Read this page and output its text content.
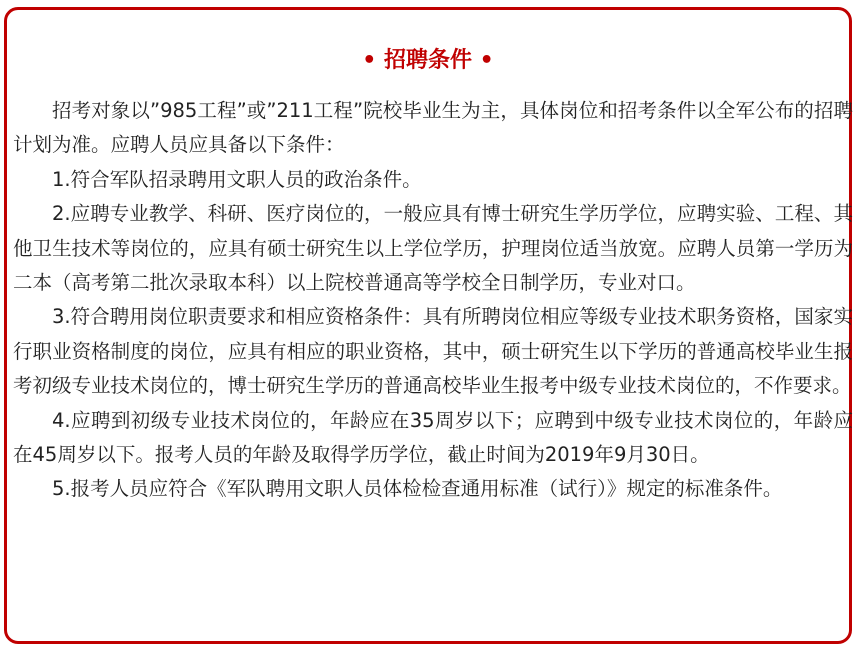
• 招聘条件 •

招考对象以”985工程”或”211工程”院校毕业生为主，具体岗位和招考条件以全军公布的招聘计划为准。应聘人员应具备以下条件：

1.符合军队招录聘用文职人员的政治条件。

2.应聘专业教学、科研、医疗岗位的，一般应具有博士研究生学历学位，应聘实验、工程、其他卫生技术等岗位的，应具有硕士研究生以上学位学历，护理岗位适当放宽。应聘人员第一学历为二本（高考第二批次录取本科）以上院校普通高等学校全日制学历，专业对口。

3.符合聘用岗位职责要求和相应资格条件：具有所聘岗位相应等级专业技术职务资格，国家实行职业资格制度的岗位，应具有相应的职业资格，其中，硕士研究生以下学历的普通高校毕业生报考初级专业技术岗位的，博士研究生学历的普通高校毕业生报考中级专业技术岗位的，不作要求。

4.应聘到初级专业技术岗位的，年龄应在35周岁以下；应聘到中级专业技术岗位的，年龄应在45周岁以下。报考人员的年龄及取得学历学位，截止时间为2019年9月30日。

5.报考人员应符合《军队聘用文职人员体检检查通用标准（试行）》规定的标准条件。
